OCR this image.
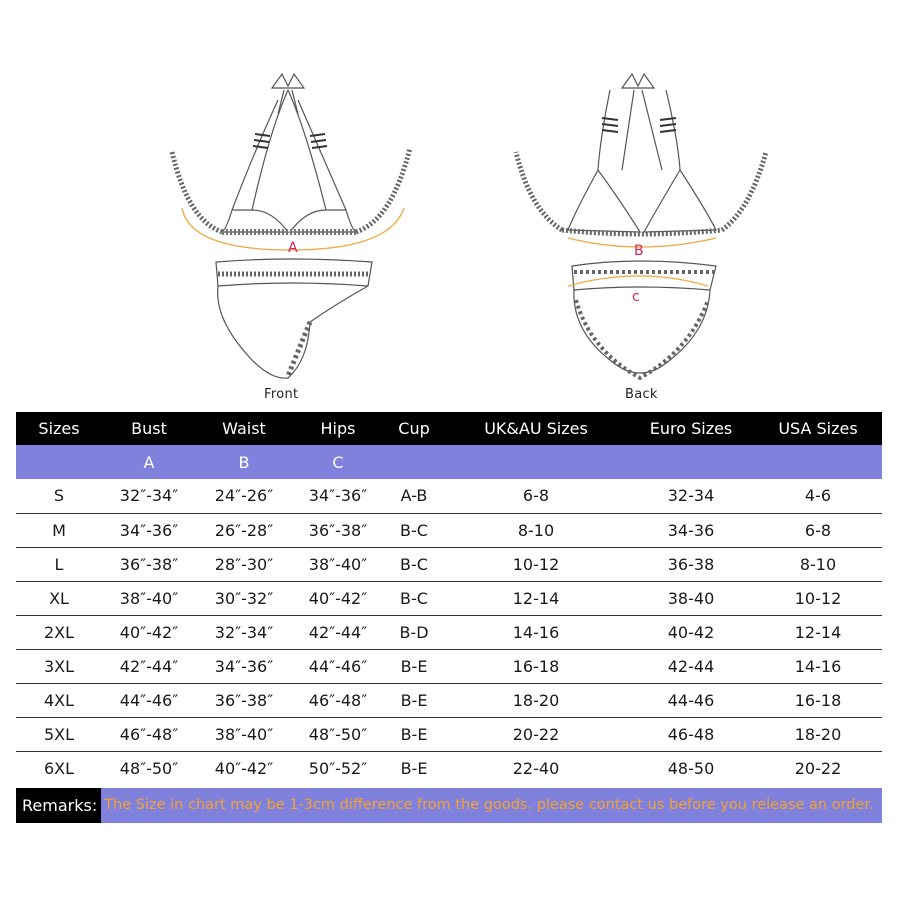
Front
A
Back
B
c
Sizes	Bust	Waist	Hips	Cup	UK&AU Sizes	Euro Sizes	USA Sizes
	A	B	C				
S	32″-34″	24″-26″	34″-36″	A-B	6-8	32-34	4-6
M	34″-36″	26″-28″	36″-38″	B-C	8-10	34-36	6-8
L	36″-38″	28″-30″	38″-40″	B-C	10-12	36-38	8-10
XL	38″-40″	30″-32″	40″-42″	B-C	12-14	38-40	10-12
2XL	40″-42″	32″-34″	42″-44″	B-D	14-16	40-42	12-14
3XL	42″-44″	34″-36″	44″-46″	B-E	16-18	42-44	14-16
4XL	44″-46″	36″-38″	46″-48″	B-E	18-20	44-46	16-18
5XL	46″-48″	38″-40″	48″-50″	B-E	20-22	46-48	18-20
6XL	48″-50″	40″-42″	50″-52″	B-E	22-40	48-50	20-22
Remarks: The Size in chart may be 1-3cm difference from the goods. please contact us before you release an order.
